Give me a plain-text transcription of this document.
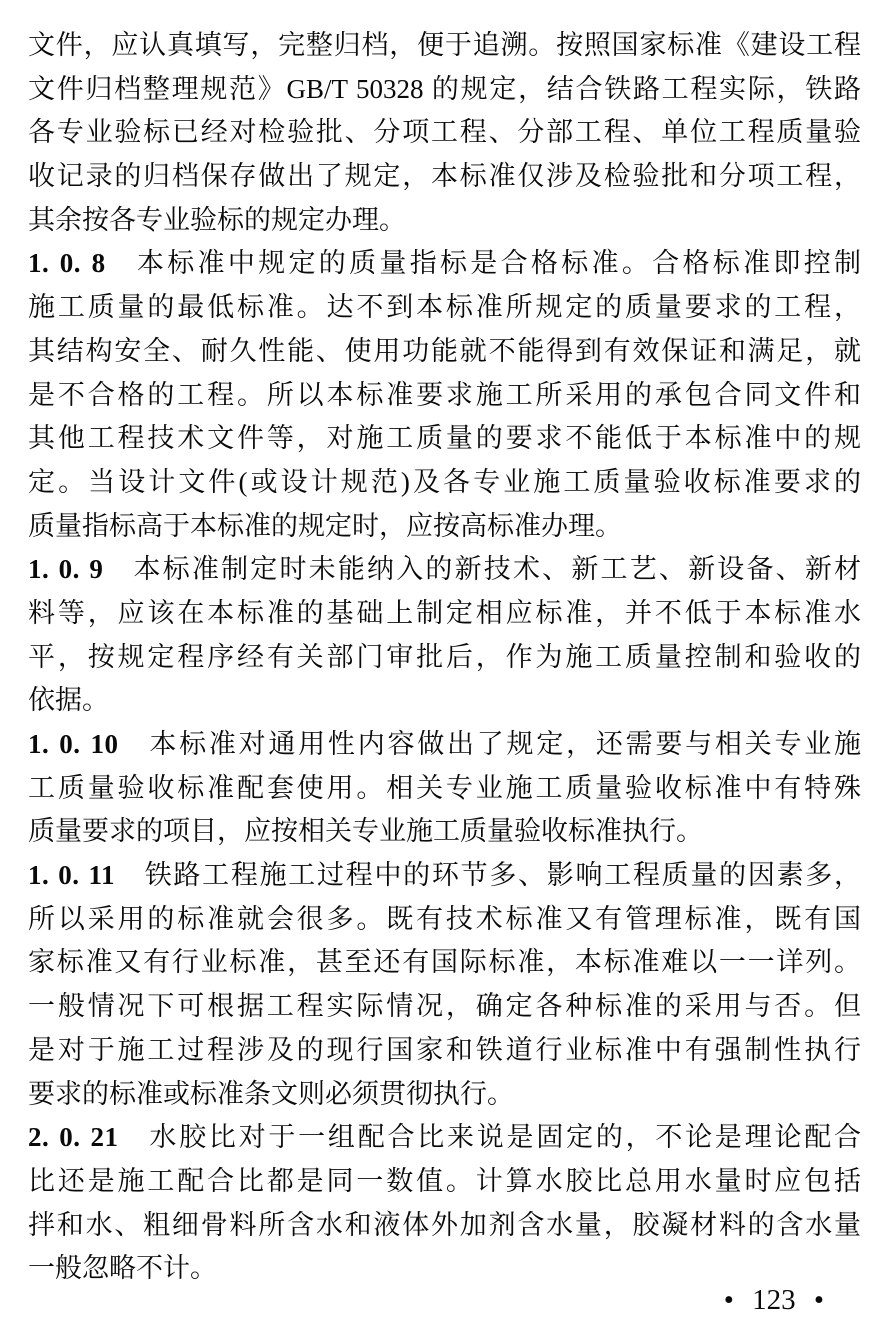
文件，应认真填写，完整归档，便于追溯。按照国家标准《建设工程
文件归档整理规范》GB/T 50328 的规定，结合铁路工程实际，铁路
各专业验标已经对检验批、分项工程、分部工程、单位工程质量验
收记录的归档保存做出了规定，本标准仅涉及检验批和分项工程，
其余按各专业验标的规定办理。
1. 0. 8 本标准中规定的质量指标是合格标准。合格标准即控制
施工质量的最低标准。达不到本标准所规定的质量要求的工程，
其结构安全、耐久性能、使用功能就不能得到有效保证和满足，就
是不合格的工程。所以本标准要求施工所采用的承包合同文件和
其他工程技术文件等，对施工质量的要求不能低于本标准中的规
定。当设计文件(或设计规范)及各专业施工质量验收标准要求的
质量指标高于本标准的规定时，应按高标准办理。
1. 0. 9 本标准制定时未能纳入的新技术、新工艺、新设备、新材
料等，应该在本标准的基础上制定相应标准，并不低于本标准水
平，按规定程序经有关部门审批后，作为施工质量控制和验收的
依据。
1. 0. 10 本标准对通用性内容做出了规定，还需要与相关专业施
工质量验收标准配套使用。相关专业施工质量验收标准中有特殊
质量要求的项目，应按相关专业施工质量验收标准执行。
1. 0. 11 铁路工程施工过程中的环节多、影响工程质量的因素多，
所以采用的标准就会很多。既有技术标准又有管理标准，既有国
家标准又有行业标准，甚至还有国际标准，本标准难以一一详列。
一般情况下可根据工程实际情况，确定各种标准的采用与否。但
是对于施工过程涉及的现行国家和铁道行业标准中有强制性执行
要求的标准或标准条文则必须贯彻执行。
2. 0. 21 水胶比对于一组配合比来说是固定的，不论是理论配合
比还是施工配合比都是同一数值。计算水胶比总用水量时应包括
拌和水、粗细骨料所含水和液体外加剂含水量，胶凝材料的含水量
一般忽略不计。
• 123 •
